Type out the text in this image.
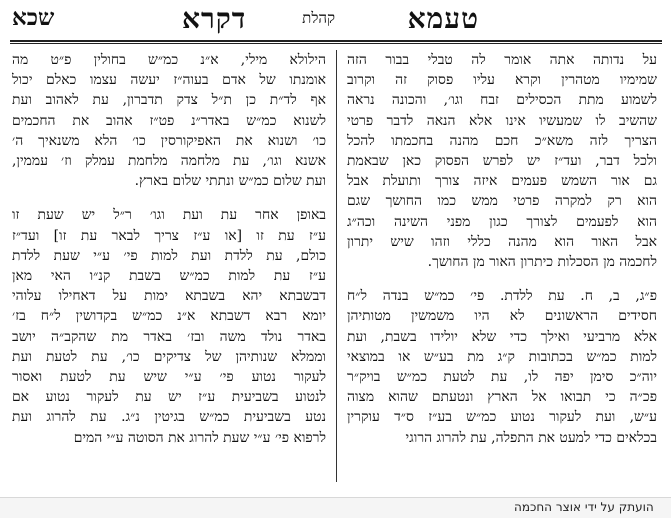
טעמא
קהלת
דקרא
שכא
על נדותה אתה אומר לה טבלי בבור הזה
שמימיו מטהרין וקרא עליו פסוק זה וקרוב
לשמוע מתת הכסילים זבח וגו׳, והכונה נראה
שהשיב לו שמעשיו אינו אלא הנאה לדבר פרטי
הצריך לזה משא״כ חכם מהנה בחכמתו להכל
ולכל דבר, ועד״ז יש לפרש הפסוק כאן שבאמת
גם אור השמש פעמים איזה צורך ותועלת אבל
הוא רק למקרה פרטי ממש כמו החושך שגם
הוא לפעמים לצורך כגון מפני השינה וכה״ג
אבל האור הוא מהנה כללי וזהו שיש יתרון
לחכמה מן הסכלות כיתרון האור מן החושך.
פ״ג, ב, ח. עת ללדת. פי׳ כמ״ש בנדה ל״ח
חסידים הראשונים לא היו משמשין מטותיהן
אלא מרביעי ואילך כדי שלא יולידו בשבת, ועת
למות כמ״ש בכתובות ק״ג מת בע״ש או במוצאי
יוה״כ סימן יפה לו, עת לטעת כמ״ש בויק״ר
פכ״ה כי תבואו אל הארץ ונטעתם שהוא מצוה
ע״ש, ועת לעקור נטוע כמ״ש בע״ז ס״ד עוקרין
בכלאים כדי למעט את התפלה, עת להרוג הרוגי
הילולא מילי, א״נ כמ״ש בחולין פ״ט מה
אומנתו של אדם בעוה״ז יעשה עצמו כאלם יכול
אף לד״ת כן ת״ל צדק תדברון, עת לאהוב ועת
לשנוא כמ״ש באדר״נ פט״ז אהוב את החכמים
כו׳ ושנוא את האפיקורסין כו׳ הלא משנאיך ה׳
אשנא וגו׳, עת מלחמה מלחמת עמלק וז׳ עממין,
ועת שלום כמ״ש ונתתי שלום בארץ.
באופן אחר עת ועת וגו׳ ר״ל יש שעת זו
ע״ז עת זו [או ע״ז צריך לבאר עת זו] ועד״ז
כולם, עת ללדת ועת למות פי׳ ע״י שעת ללדת
ע״ז עת למות כמ״ש בשבת קנ״ו האי מאן
דבשבתא יהא בשבתא ימות על דאחילו עלוהי
יומא רבא דשבתא א״נ כמ״ש בקדושין ל״ח בז׳
באדר נולד משה ובז׳ באדר מת שהקב״ה יושב
וממלא שנותיהן של צדיקים כו׳, עת לטעת ועת
לעקור נטוע פי׳ ע״י שיש עת לטעת ואסור
לנטוע בשביעית ע״ז יש עת לעקור נטוע אם
נטע בשביעית כמ״ש בגיטין נ״ג. עת להרוג ועת
לרפוא פי׳ ע״י שעת להרוג את הסוטה ע״י המים
הועתק על ידי אוצר החכמה
